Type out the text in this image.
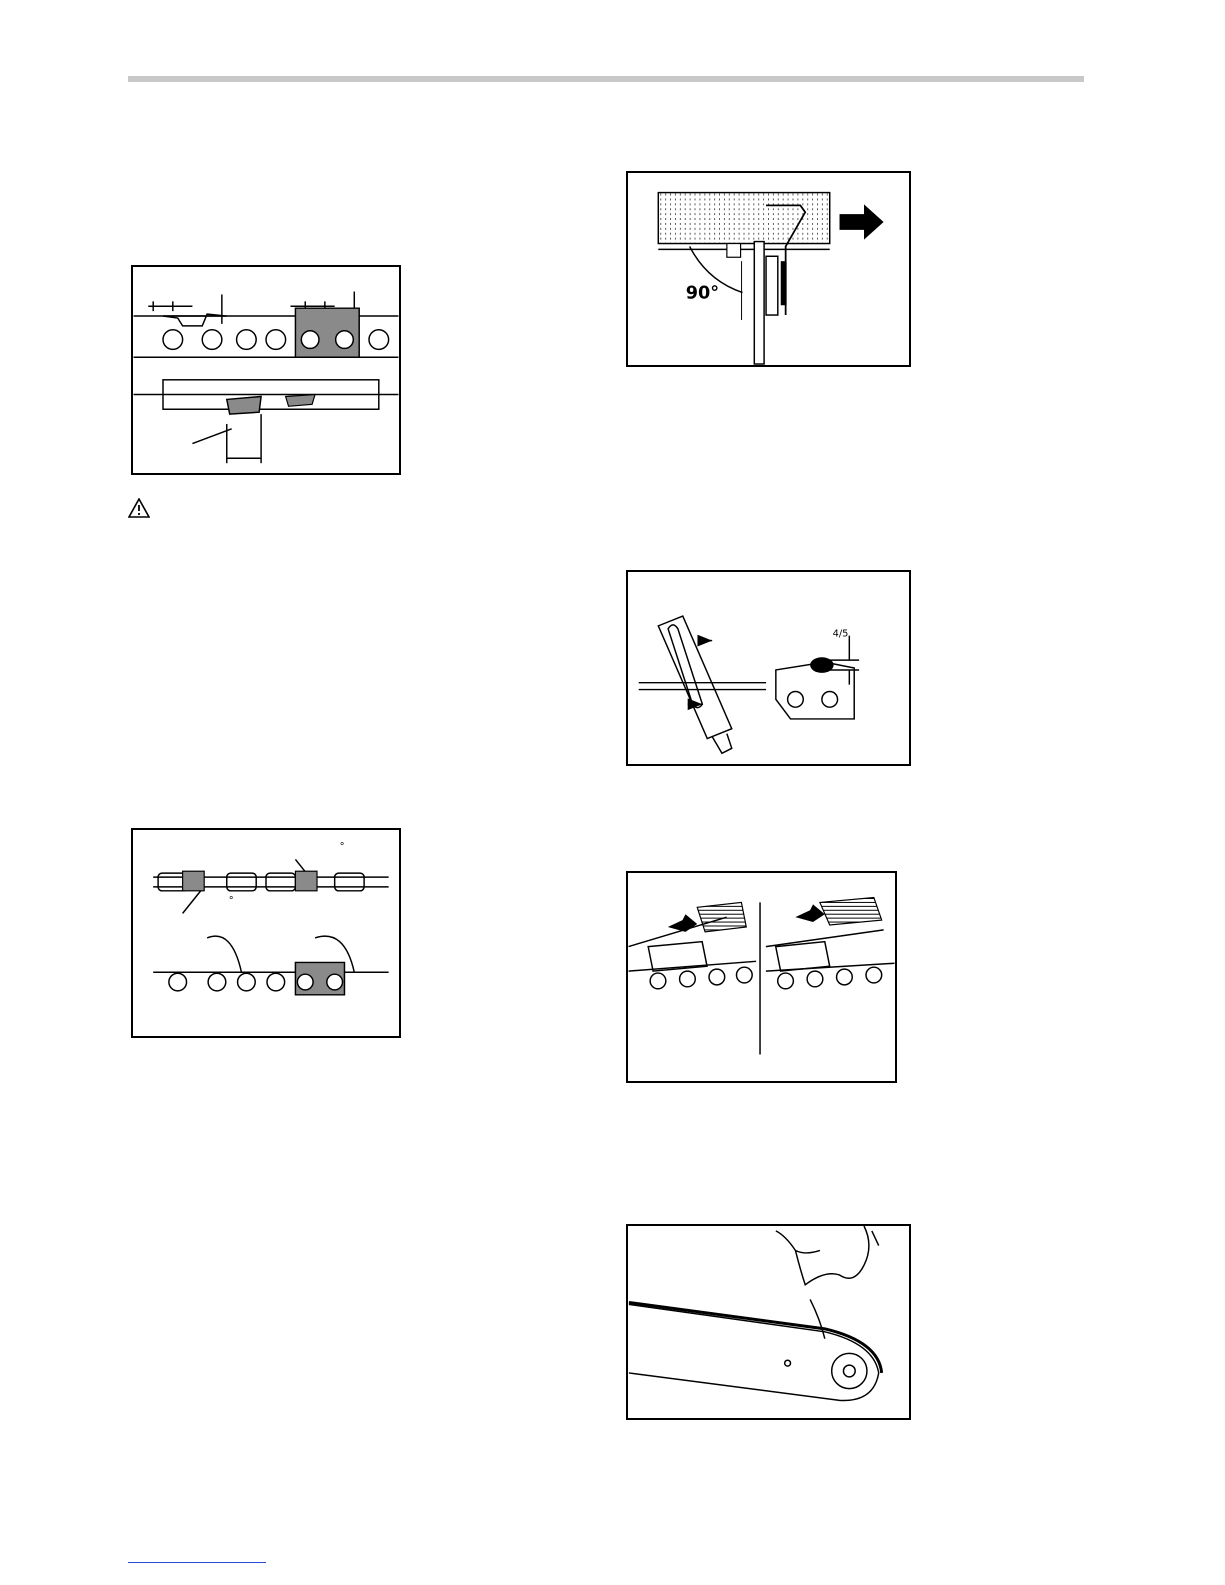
°
°
90°
4/5
